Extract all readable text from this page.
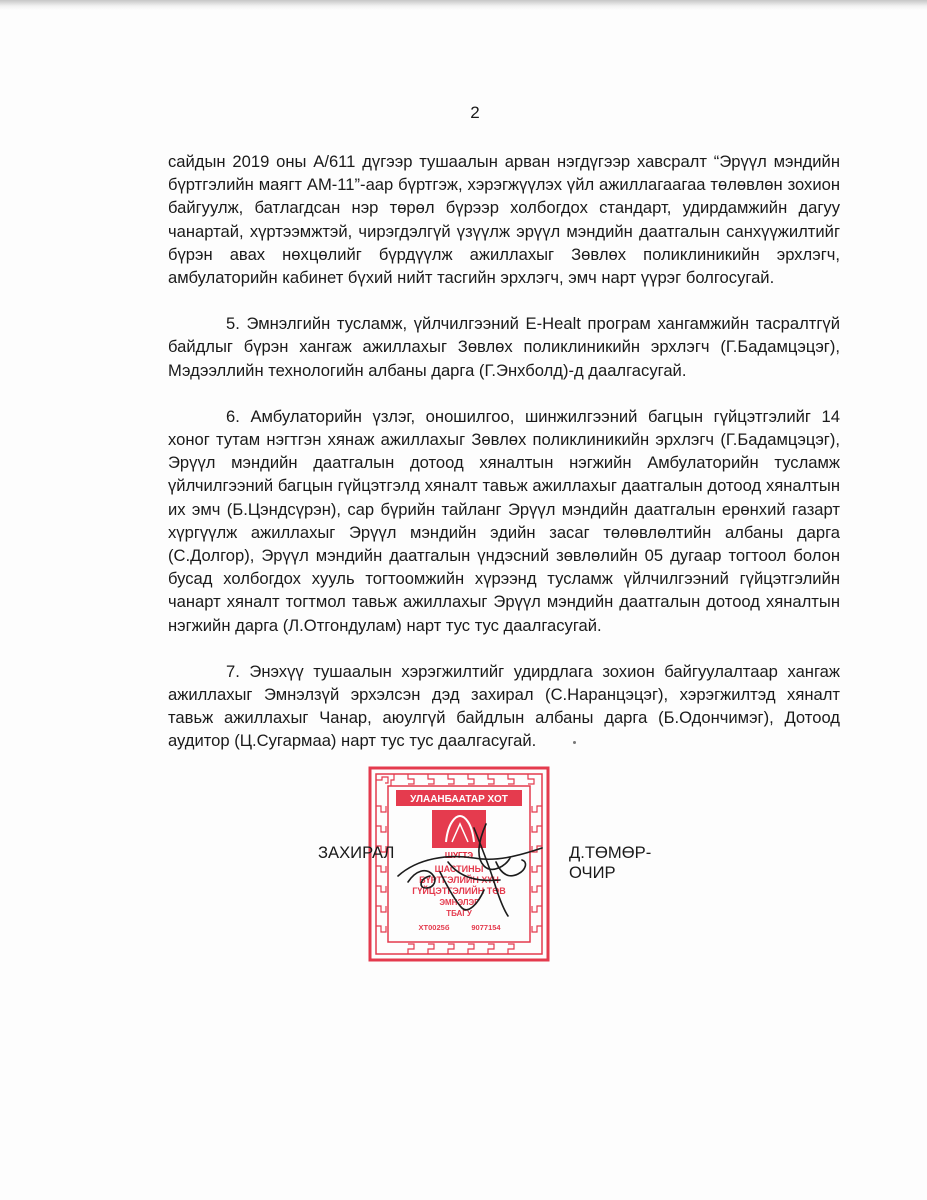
2

сайдын 2019 оны А/611 дүгээр тушаалын арван нэгдүгээр хавсралт “Эрүүл мэндийн бүртгэлийн маягт АМ-11”-аар бүртгэж, хэрэгжүүлэх үйл ажиллагаагаа төлөвлөн зохион байгуулж, батлагдсан нэр төрөл бүрээр холбогдох стандарт, удирдамжийн дагуу чанартай, хүртээмжтэй, чирэгдэлгүй үзүүлж эрүүл мэндийн даатгалын санхүүжилтийг бүрэн авах нөхцөлийг бүрдүүлж ажиллахыг Зөвлөх поликлиникийн эрхлэгч, амбулаторийн кабинет бүхий нийт тасгийн эрхлэгч, эмч нарт үүрэг болгосугай.

5. Эмнэлгийн тусламж, үйлчилгээний E-Healt програм хангамжийн тасралтгүй байдлыг бүрэн хангаж ажиллахыг Зөвлөх поликлиникийн эрхлэгч (Г.Бадамцэцэг), Мэдээллийн технологийн албаны дарга (Г.Энхболд)-д даалгасугай.

6. Амбулаторийн үзлэг, оношилгоо, шинжилгээний багцын гүйцэтгэлийг 14 хоног тутам нэгтгэн хянаж ажиллахыг Зөвлөх поликлиникийн эрхлэгч (Г.Бадамцэцэг), Эрүүл мэндийн даатгалын дотоод хяналтын нэгжийн Амбулаторийн тусламж үйлчилгээний багцын гүйцэтгэлд хяналт тавьж ажиллахыг даатгалын дотоод хяналтын их эмч (Б.Цэндсүрэн), сар бүрийн тайланг Эрүүл мэндийн даатгалын ерөнхий газарт хүргүүлж ажиллахыг Эрүүл мэндийн эдийн засаг төлөвлөлтийн албаны дарга (С.Долгор), Эрүүл мэндийн даатгалын үндэсний зөвлөлийн 05 дугаар тогтоол болон бусад холбогдох хууль тогтоомжийн хүрээнд тусламж үйлчилгээний гүйцэтгэлийн чанарт хяналт тогтмол тавьж ажиллахыг Эрүүл мэндийн даатгалын дотоод хяналтын нэгжийн дарга (Л.Отгондулам) нарт тус тус даалгасугай.

7. Энэхүү тушаалын хэрэгжилтийг удирдлага зохион байгуулалтаар хангаж ажиллахыг Эмнэлзүй эрхэлсэн дэд захирал (С.Наранцэцэг), хэрэгжилтэд хяналт тавьж ажиллахыг Чанар, аюулгүй байдлын албаны дарга (Б.Одончимэг), Дотоод аудитор (Ц.Сугармаа) нарт тус тус даалгасугай.

УЛААНБААТАР ХОТ
ШУГТЭ
ШАСТИНЫ
БҮРТГЭЛИЙН ХҮН
ГҮЙЦЭТГЭЛИЙН ТӨВ
ЭМНЭЛЭГ
ТБАГУ
ХТ0025б	9077154
ЗАХИРАЛ	Д.ТӨМӨР-ОЧИР
